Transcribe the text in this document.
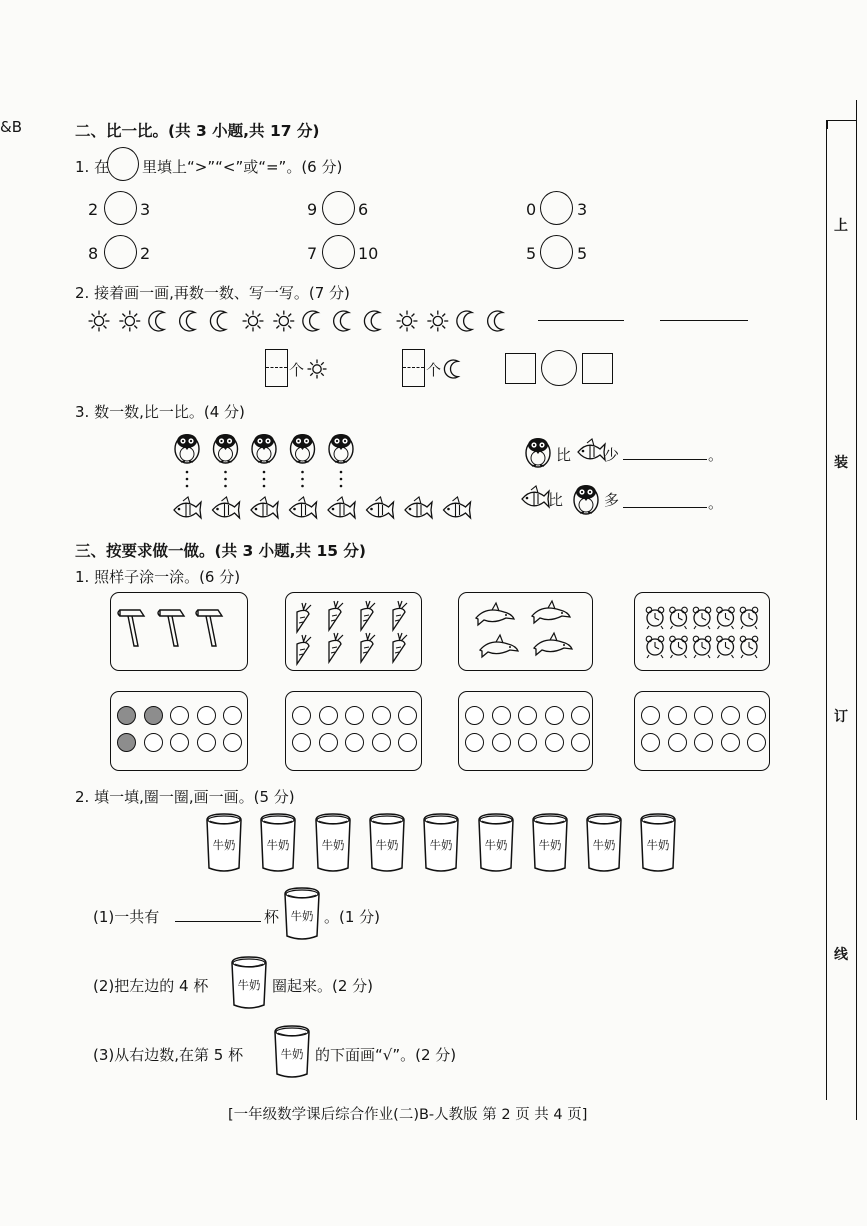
&B	二、比一比。(共 3 小题,共 17 分)
1. 在 里填上“>”“<”或“=”。(6 分)
2	3	9	6	0	3
8	2	7	10	5	5
2. 接着画一画,再数一数、写一写。(7 分)
个	个
3. 数一数,比一比。(4 分)
比 少	。
比	多	。
三、按要求做一做。(共 3 小题,共 15 分)
1. 照样子涂一涂。(6 分)
2. 填一填,圈一圈,画一画。(5 分)
牛奶	牛奶	牛奶	牛奶	牛奶	牛奶	牛奶	牛奶	牛奶
(1)一共有	杯 牛奶 。(1 分)
(2)把左边的 4 杯	牛奶 圈起来。(2 分)
(3)从右边数,在第 5 杯	牛奶 的下面画“√”。(2 分)
[一年级数学课后综合作业(二)B-人教版 第 2 页 共 4 页]
上
装
订
线
